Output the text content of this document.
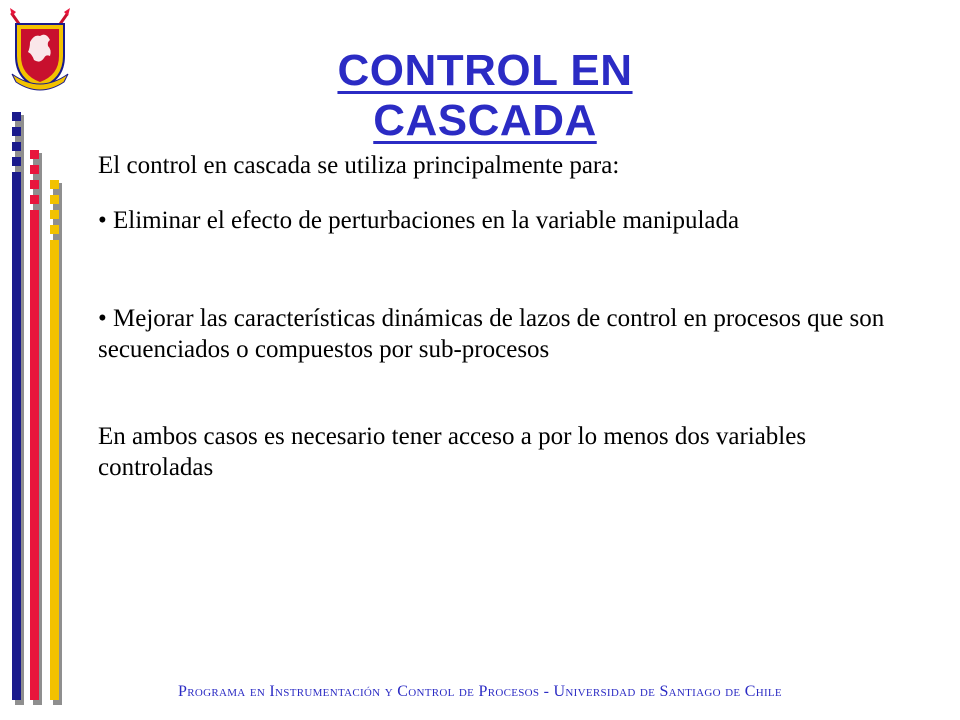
CONTROL EN CASCADA
El control en cascada se utiliza principalmente para:
• Eliminar el efecto de perturbaciones en la variable manipulada
• Mejorar las características dinámicas de lazos de control en procesos que son secuenciados o compuestos por sub-procesos
En ambos casos es necesario tener acceso a por lo menos dos variables controladas
Programa en Instrumentación y Control de Procesos - Universidad de Santiago de Chile
